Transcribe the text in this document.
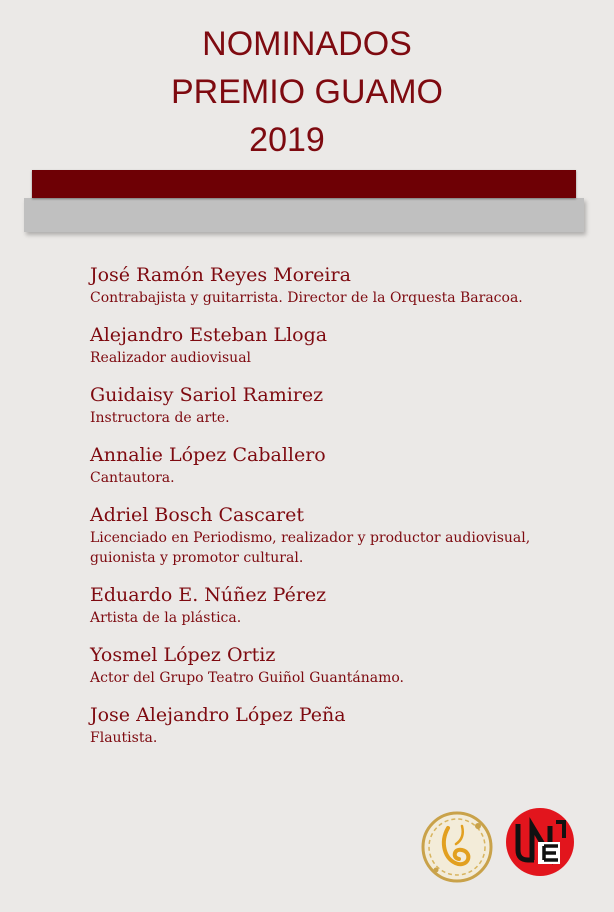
NOMINADOS
PREMIO GUAMO
2019
José Ramón Reyes Moreira
Contrabajista y guitarrista. Director de la Orquesta Baracoa.
Alejandro Esteban Lloga
Realizador audiovisual
Guidaisy Sariol Ramirez
Instructora de arte.
Annalie López Caballero
Cantautora.
Adriel Bosch Cascaret
Licenciado en Periodismo, realizador y productor audiovisual, guionista y promotor cultural.
Eduardo E. Núñez Pérez
Artista de la plástica.
Yosmel López Ortiz
Actor del Grupo Teatro Guiñol Guantánamo.
Jose Alejandro López Peña
Flautista.
